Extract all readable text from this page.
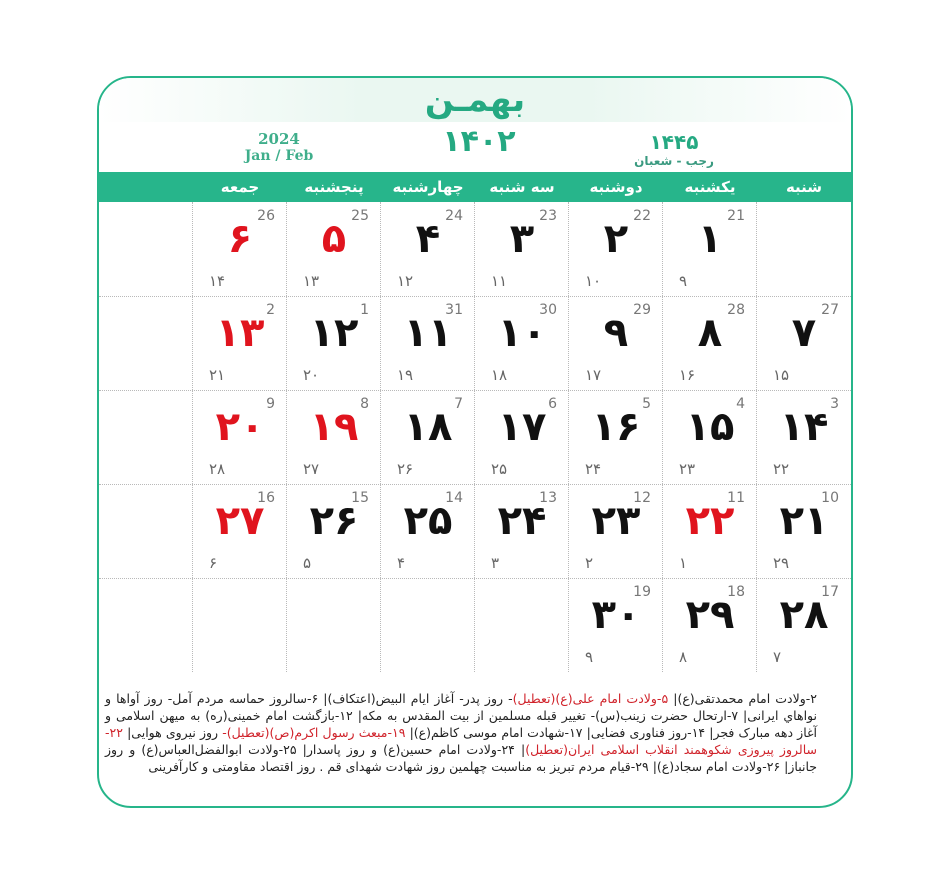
بهمـن
2024
Jan / Feb	۱۴۰۲	۱۴۴۵
رجب - شعبان
شنبه
یکشنبه
دوشنبه
سه شنبه
چهارشنبه
پنجشنبه
جمعه
21
۱
۹
22
۲
۱۰
23
۳
۱۱
24
۴
۱۲
25
۵
۱۳
26
۶
۱۴
27
۷
۱۵
28
۸
۱۶
29
۹
۱۷
30
۱۰
۱۸
31
۱۱
۱۹
1
۱۲
۲۰
2
۱۳
۲۱
3
۱۴
۲۲
4
۱۵
۲۳
5
۱۶
۲۴
6
۱۷
۲۵
7
۱۸
۲۶
8
۱۹
۲۷
9
۲۰
۲۸
10
۲۱
۲۹
11
۲۲
۱
12
۲۳
۲
13
۲۴
۳
14
۲۵
۴
15
۲۶
۵
16
۲۷
۶
17
۲۸
۷
18
۲۹
۸
19
۳۰
۹
۲-ولادت امام محمدتقی(ع)| ۵-ولادت امام علی(ع)(تعطیل)- روز پدر- آغاز ایام البیض(اعتکاف)| ۶-سالروز حماسه مردم آمل- روز آواها و نواهاي ایرانی| ۷-ارتحال حضرت زینب(س)- تغییر قبله مسلمین از بیت المقدس به مکه| ۱۲-بازگشت امام خمینی(ره) به میهن اسلامی و آغاز دهه مبارک فجر| ۱۴-روز فناوری فضایی| ۱۷-شهادت امام موسی کاظم(ع)| ۱۹-مبعث رسول اکرم(ص)(تعطیل)- روز نیروی هوایی| ۲۲-سالروز پیروزی شکوهمند انقلاب اسلامی ایران(تعطیل)| ۲۴-ولادت امام حسین(ع) و روز پاسدار| ۲۵-ولادت ابوالفضل‌العباس(ع) و روز جانباز| ۲۶-ولادت امام سجاد(ع)| ۲۹-قیام مردم تبریز به مناسبت چهلمین روز شهادت شهدای قم . روز اقتصاد مقاومتی و کارآفرینی
